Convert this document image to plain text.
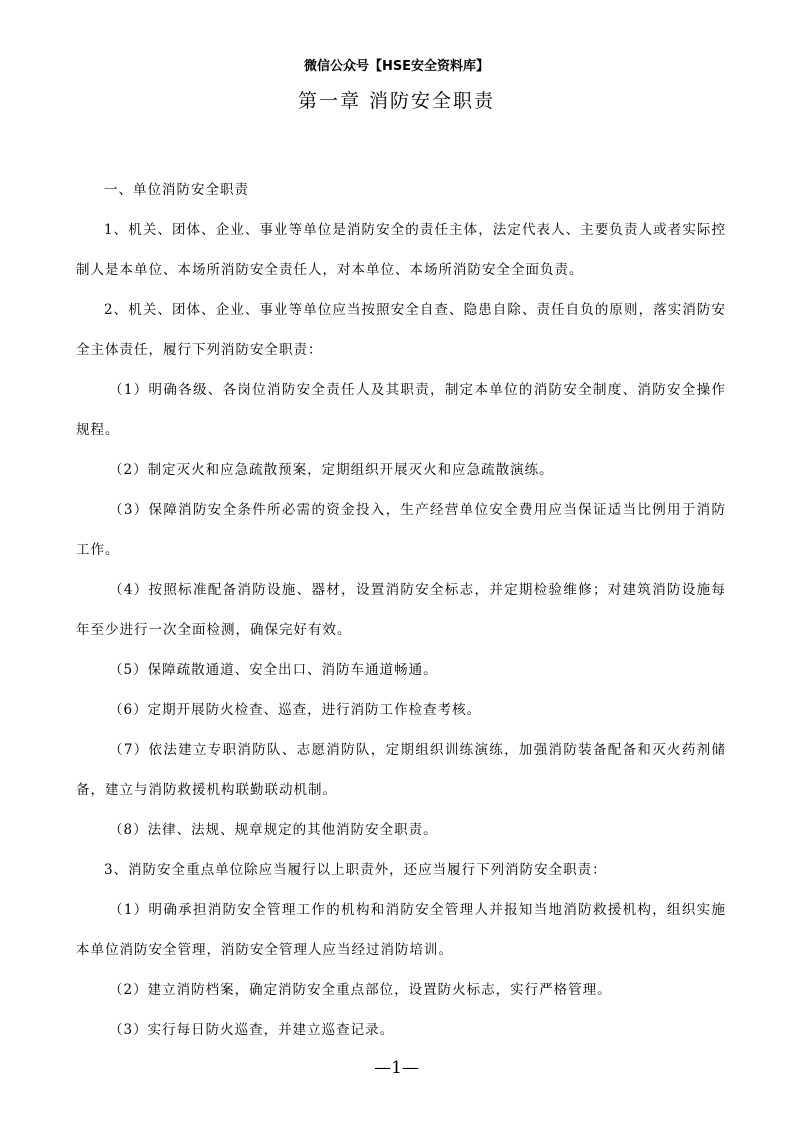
微信公众号【HSE安全资料库】
第一章 消防安全职责

一、单位消防安全职责

1、机关、团体、企业、事业等单位是消防安全的责任主体，法定代表人、主要负责人或者实际控制人是本单位、本场所消防安全责任人，对本单位、本场所消防安全全面负责。

2、机关、团体、企业、事业等单位应当按照安全自查、隐患自除、责任自负的原则，落实消防安全主体责任，履行下列消防安全职责：

（1）明确各级、各岗位消防安全责任人及其职责，制定本单位的消防安全制度、消防安全操作规程。

（2）制定灭火和应急疏散预案，定期组织开展灭火和应急疏散演练。

（3）保障消防安全条件所必需的资金投入，生产经营单位安全费用应当保证适当比例用于消防工作。

（4）按照标准配备消防设施、器材，设置消防安全标志，并定期检验维修；对建筑消防设施每年至少进行一次全面检测，确保完好有效。

（5）保障疏散通道、安全出口、消防车通道畅通。

（6）定期开展防火检查、巡查，进行消防工作检查考核。

（7）依法建立专职消防队、志愿消防队，定期组织训练演练，加强消防装备配备和灭火药剂储备，建立与消防救援机构联勤联动机制。

（8）法律、法规、规章规定的其他消防安全职责。

3、消防安全重点单位除应当履行以上职责外，还应当履行下列消防安全职责：

（1）明确承担消防安全管理工作的机构和消防安全管理人并报知当地消防救援机构，组织实施本单位消防安全管理，消防安全管理人应当经过消防培训。

（2）建立消防档案，确定消防安全重点部位，设置防火标志，实行严格管理。

（3）实行每日防火巡查，并建立巡查记录。

—1—
